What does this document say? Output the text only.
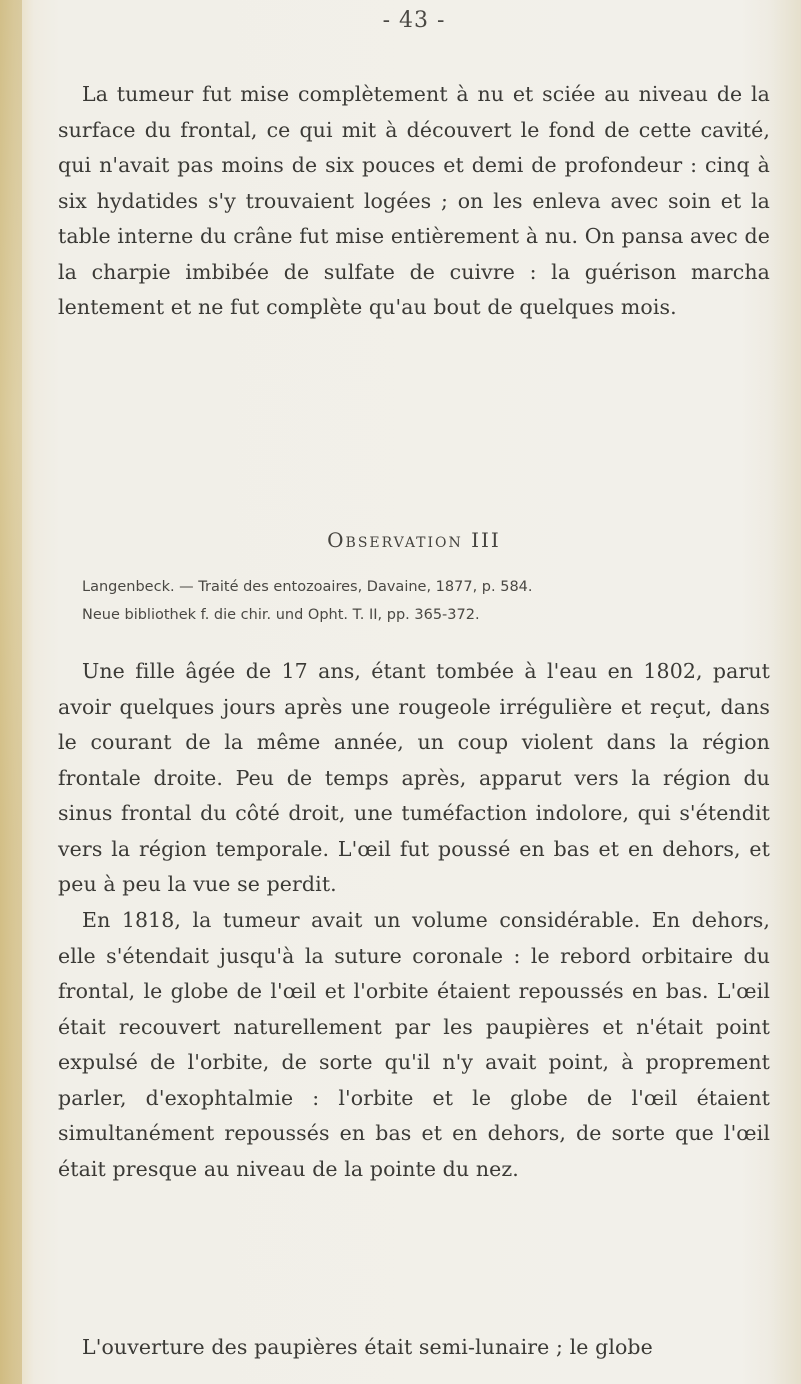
- 43 -

La tumeur fut mise complètement à nu et sciée au niveau de la surface du frontal, ce qui mit à découvert le fond de cette cavité, qui n'avait pas moins de six pouces et demi de profondeur : cinq à six hydatides s'y trouvaient logées ; on les enleva avec soin et la table interne du crâne fut mise entièrement à nu. On pansa avec de la charpie imbibée de sulfate de cuivre : la guérison marcha lentement et ne fut complète qu'au bout de quelques mois.

Observation III
Langenbeck. — Traité des entozoaires, Davaine, 1877, p. 584.
Neue bibliothek f. die chir. und Opht. T. II, pp. 365-372.

Une fille âgée de 17 ans, étant tombée à l'eau en 1802, parut avoir quelques jours après une rougeole irrégulière et reçut, dans le courant de la même année, un coup violent dans la région frontale droite. Peu de temps après, apparut vers la région du sinus frontal du côté droit, une tuméfaction indolore, qui s'étendit vers la région temporale. L'œil fut poussé en bas et en dehors, et peu à peu la vue se perdit.

En 1818, la tumeur avait un volume considérable. En dehors, elle s'étendait jusqu'à la suture coronale : le rebord orbitaire du frontal, le globe de l'œil et l'orbite étaient repoussés en bas. L'œil était recouvert naturellement par les paupières et n'était point expulsé de l'orbite, de sorte qu'il n'y avait point, à proprement parler, d'exophtalmie : l'orbite et le globe de l'œil étaient simultanément repoussés en bas et en dehors, de sorte que l'œil était presque au niveau de la pointe du nez.

L'ouverture des paupières était semi-lunaire ; le globe
